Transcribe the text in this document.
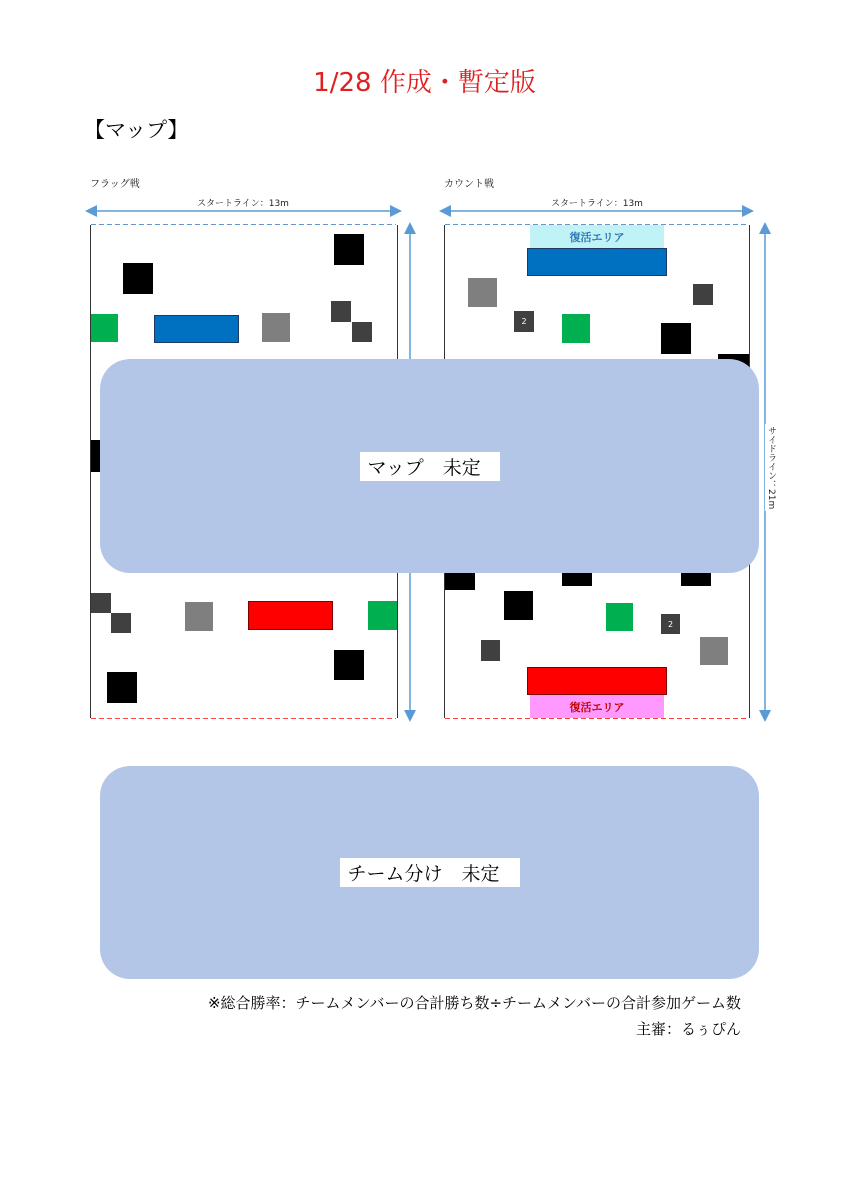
1/28 作成・暫定版
【マップ】
フラッグ戦	カウント戦
スタートライン：13m	スタートライン：13m
復活エリア
2
2
復活エリア
サイドライン：21m
マップ　未定
チーム分け　未定
※総合勝率：チームメンバーの合計勝ち数÷チームメンバーの合計参加ゲーム数
主審：るぅぴん
